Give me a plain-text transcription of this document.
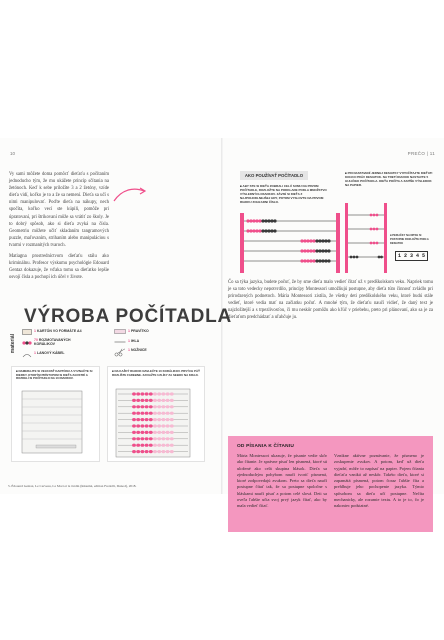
10	PREČO | 11

Vy sami môžete doma pomôcť dieťaťu s počítaním jednoducho tým, že mu ukážete princíp sčítania na žetónoch. Keď k sebe priložíte 3 a 2 žetóny, vzíde dieťa vidí, koľko je to a že sa nemení. Dieťa sa učí s nimi manipulovať. Poďte dieťa na nákupy, nech spočíta, koľko vecí ste kúpili, pomôže pri úpratovaní, pri štrikovaní môže sa vrátiť zo školy. Je to dobrý spôsob, ako si dieťa zvyká na čísla. Geometriu môžete učiť skladaním tangramových puzzle, maľovaním, strihaním alebo manipuláciou s tvarmi v rozmanitých tvaroch.

Matiagna prostredníctvom dieťaťu stálu ako kriminálnu. Profesor výskumu psychológie Edouard Gentaz dokazuje, že vďaka tomu sa dieťatko lepšie osvojí čísla a pochopí ich účel v živote.

AKO POUŽÍVAŤ POČÍTADLO
■ ABY STE SI DIEŤA ZOBRALI CELÚ SUMU NA PRVOM POČÍTADLE, ROZLOŽTE NA PODKLADE PODLA MNOŽSTVO VÝSLEDNÝCH RIADKOV. ZÁVISÍ SI DIEŤA Z NAJPOHODLNEJŠEJ HRY, POTOM VYSLOVTE NA PRVOM RIADKU ZOHĽADNI ČÍSLO.
■ PRI NASTAVENÍ JEDNEJ DESIATKY VYPOČÍTAJTE DIEŤATI KOĽKO PRÁV DESIATOK. NA TRETÍ RIADOK NASTAVTE 5 GULIČIEK POČÍTADLA. DIEŤA POČÍTA A ZAPÍŠE VÝSLEDOK NA PAPIER.
■ PERLIČKY NA NITKE SI POSTUPNE ROZLOŽTE PODĽA DESIATOK
1 2 3 4 5
Čo sa týka jazyka, budete počuť, že by sme dieťa malo vedieť čítať už v predškolskom veku. Napriek tomu je sa toto vedecky nepotvrdilo, princípy Montessori umožňujú postupne, aby dieťa túto činnosť zvládlo pri prirodzených podnetoch. Mária Montessori zistila, že všetky deti predškolského veku, ktoré budú stále vedieť, ktoré vedia mať na začiatku počuť. A mnohé tým, že dieťaťu naučí vidieť, že daný text je najzložitejší a s trpezlivosťou, či mu neskôr pomôžu ako kľúč v priebehu, preto pri plánovaní, ako sa je za dieťaťom predchádzať a uľahčuje ju.
VÝROBA POČÍTADLA
materiál
1 KARTÓN VO FORMÁTE A4
70 ROZMOTAVANÝCH KORÁLIKOV
1 LANOVÝ KÁBEL
1 PRAVÍTKO
1 IHLA
1 NOŽNICE
■ NAMERAJTE SI VEĽKOSŤ KARTÓNU A VYZNAČTE SI DIERKY. KTORÝM PRÍSTUPOM SI DIEŤA ZAOSTRÍ A ROZDELÍ SI POČÍTADLO NA 10 RIADKOV.
■ NA KAŽDÝ RIADOK NAVLEČTE 10 KORÁLIKOV. PRVÝCH PÄŤ ROZLÍŠTE FAREBNE. ZAVIAŽTE UZLÍKY ZA SEBOU NA KRAJI.
OD PÍSANIA K ČÍTANIU
Mária Montessori ukazuje, že písanie vedie skôr ako čítanie. Je správne písať len písmená, ktoré sú uložené ako celá skupina hlások. Dieťa sa zjednoduchým pohybom naučí tvoriť písmená, ktoré zodpovedajú zvukom. Preto sa dieťa naučí postupne čítať tak, že sa postupne spoločne s hláskami naučí písať a potom celé slová. Deti sa oveľa ľahšie učia svoj prvý jazyk čítať, ako by mala vedieť čítať.
Vznikne aktívne poznávanie, že písmeno je zoskupenie zvukov. A potom, keď už dieťa vyjadrí, môže to napísať na papier. Pojem čítania dieťaťa vzniká až neskôr. Takéto dieťa, ktoré si zapamätá písmená, potom čoraz ľahšie číta a prehlbuje jeho pochopenie jazyka. Týmto spôsobom sa dieťa učí postupne. Nečíta mechanicky, ale rozumie textu. A to je to, čo je nakoniec podstatné.
5. Édouard Gentaz, Le Cerveau, La Mort et le Jardin (Résumé, edition Fredolli, Dunod), 2018.
